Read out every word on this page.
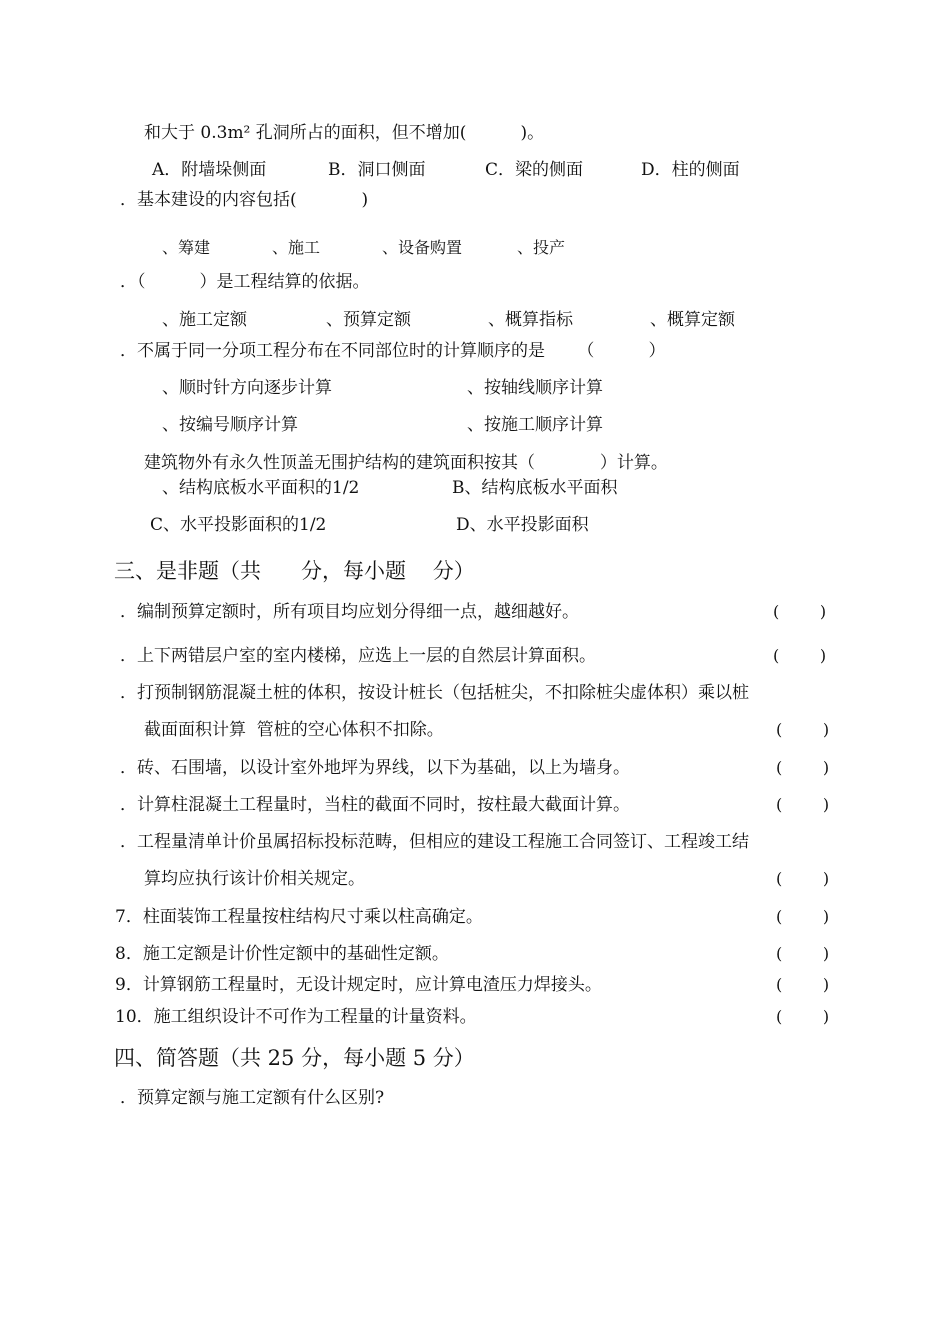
和大于 0.3m² 孔洞所占的面积，但不增加(          )。
A．附墙垛侧面	B．洞口侧面	C．梁的侧面	D．柱的侧面
．基本建设的内容包括(            )
、筹建	、施工	、设备购置	、投产
．（          ）是工程结算的依据。
、施工定额	、预算定额	、概算指标	、概算定额
．不属于同一分项工程分布在不同部位时的计算顺序的是      （          ）
、顺时针方向逐步计算	、按轴线顺序计算
、按编号顺序计算	、按施工顺序计算
建筑物外有永久性顶盖无围护结构的建筑面积按其（            ）计算。
、结构底板水平面积的1/2	B、结构底板水平面积
C、水平投影面积的1/2	D、水平投影面积
三、是非题（共      分，每小题    分）
．编制预算定额时，所有项目均应划分得细一点，越细越好。	(        )
．上下两错层户室的室内楼梯，应选上一层的自然层计算面积。	(        )
．打预制钢筋混凝土桩的体积，按设计桩长（包括桩尖，不扣除桩尖虚体积）乘以桩
截面面积计算  管桩的空心体积不扣除。	(        )
．砖、石围墙，以设计室外地坪为界线，以下为基础，以上为墙身。	(        )
．计算柱混凝土工程量时，当柱的截面不同时，按柱最大截面计算。	(        )
．工程量清单计价虽属招标投标范畴，但相应的建设工程施工合同签订、工程竣工结
算均应执行该计价相关规定。	(        )
7．柱面装饰工程量按柱结构尺寸乘以柱高确定。	(        )
8．施工定额是计价性定额中的基础性定额。	(        )
9．计算钢筋工程量时，无设计规定时，应计算电渣压力焊接头。	(        )
10．施工组织设计不可作为工程量的计量资料。	(        )
四、简答题（共 25 分，每小题 5 分）
．预算定额与施工定额有什么区别?
